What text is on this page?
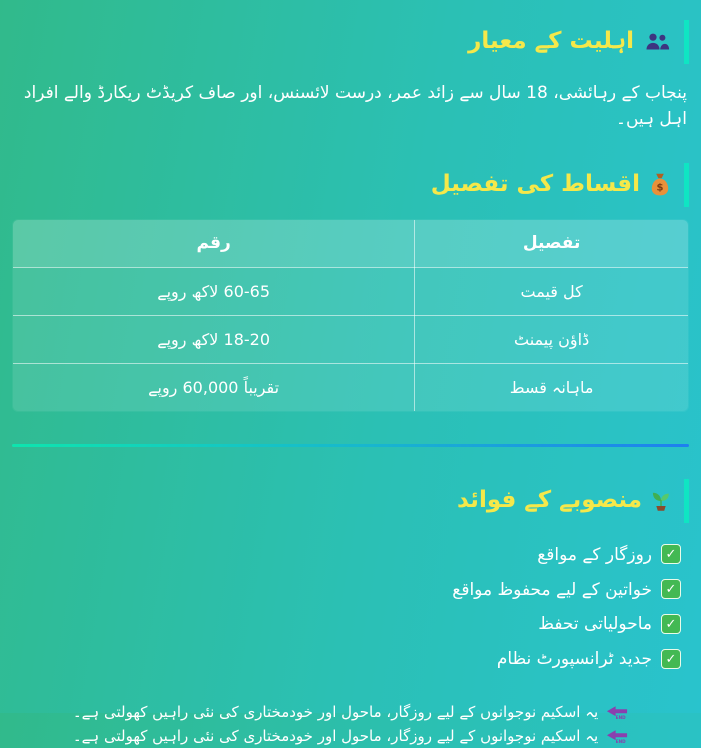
اہلیت کے معیار

پنجاب کے رہائشی، 18 سال سے زائد عمر، درست لائسنس، اور صاف کریڈٹ ریکارڈ والے افراد اہل ہیں۔

$
اقساط کی تفصیل
تفصیل	رقم
کل قیمت	60-65 لاکھ روپے
ڈاؤن پیمنٹ	18-20 لاکھ روپے
ماہانہ قسط	تقریباً 60,000 روپے
منصوبے کے فوائد
✓
روزگار کے مواقع
✓
خواتین کے لیے محفوظ مواقع
✓
ماحولیاتی تحفظ
✓
جدید ٹرانسپورٹ نظام
END
یہ اسکیم نوجوانوں کے لیے روزگار، ماحول اور خودمختاری کی نئی راہیں کھولتی ہے۔
END
یہ اسکیم نوجوانوں کے لیے روزگار، ماحول اور خودمختاری کی نئی راہیں کھولتی ہے۔
